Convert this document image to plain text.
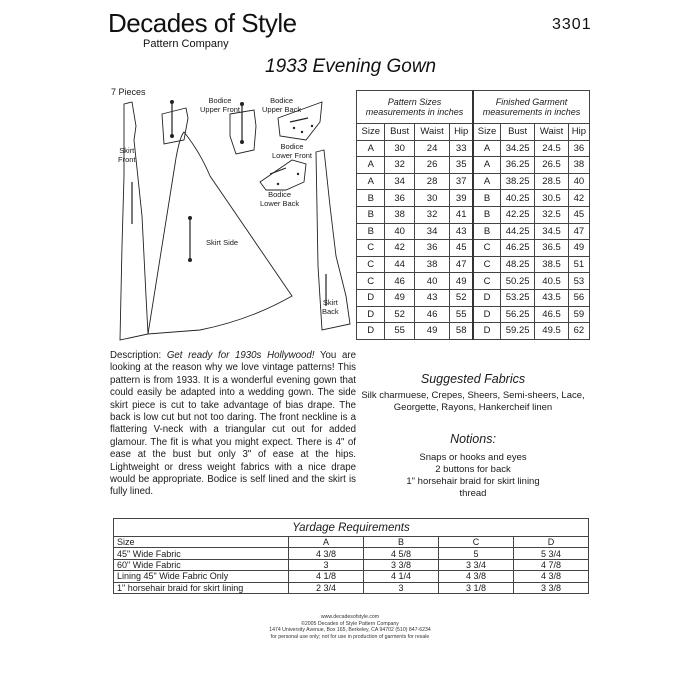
Decades of Style
Pattern Company
3301
1933 Evening Gown
7 Pieces
Bodice
Upper Front
Bodice
Upper Back
Skirt
Front
Bodice
Lower Front
Bodice
Lower Back
Skirt Side
Skirt
Back
Pattern Sizes
measurements in inches				Finished Garment
measurements in inches			
Size	Bust	Waist	Hip	Size	Bust	Waist	Hip
A	30	24	33	A	34.25	24.5	36
A	32	26	35	A	36.25	26.5	38
A	34	28	37	A	38.25	28.5	40
B	36	30	39	B	40.25	30.5	42
B	38	32	41	B	42.25	32.5	45
B	40	34	43	B	44.25	34.5	47
C	42	36	45	C	46.25	36.5	49
C	44	38	47	C	48.25	38.5	51
C	46	40	49	C	50.25	40.5	53
D	49	43	52	D	53.25	43.5	56
D	52	46	55	D	56.25	46.5	59
D	55	49	58	D	59.25	49.5	62
Description: Get ready for 1930s Hollywood! You are looking at the reason why we love vintage patterns! This pattern is from 1933. It is a wonderful evening gown that could easily be adapted into a wedding gown. The side skirt piece is cut to take advantage of bias drape. The back is low cut but not too daring. The front neckline is a flattering V-neck with a triangular cut out for added glamour. The fit is what you might expect. There is 4" of ease at the bust but only 3" of ease at the hips. Lightweight or dress weight fabrics with a nice drape would be appropriate. Bodice is self lined and the skirt is fully lined.
Suggested Fabrics
Silk charmuese, Crepes, Sheers, Semi-sheers, Lace, Georgette, Rayons, Hankercheif linen
Notions:
Snaps or hooks and eyes
2 buttons for back
1" horsehair braid for skirt lining
thread
Yardage Requirements				
Size	A	B	C	D
45" Wide Fabric	4 3/8	4 5/8	5	5 3/4
60" Wide Fabric	3	3 3/8	3 3/4	4 7/8
Lining 45" Wide Fabric Only	4 1/8	4 1/4	4 3/8	4 3/8
1" horsehair braid for skirt lining	2 3/4	3	3 1/8	3 3/8
www.decadesofstyle.com
©2005 Decades of Style Pattern Company
1474 University Avenue, Box 165, Berkeley, CA 94702 (510) 847-6234
for personal use only; not for use in production of garments for resale
